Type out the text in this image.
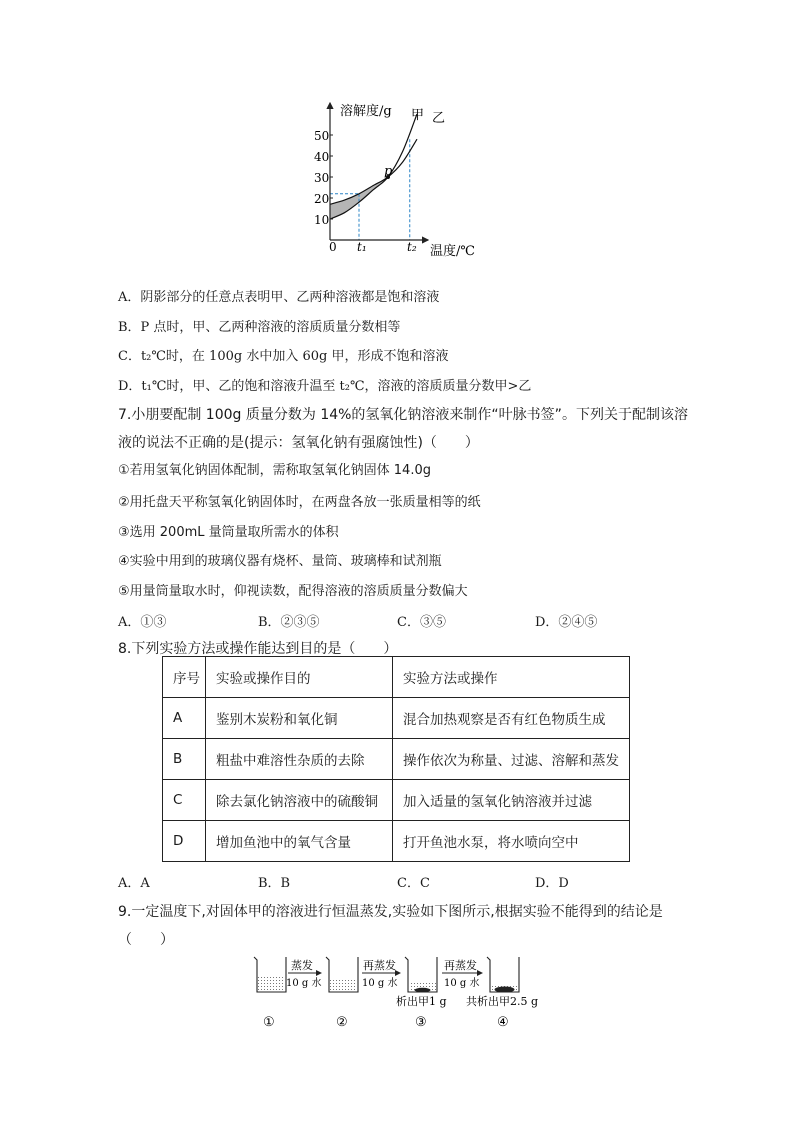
溶解度/g
温度/℃
0
10
20
30
40
50
t₁	t₂
p
甲 乙
A．阴影部分的任意点表明甲、乙两种溶液都是饱和溶液
B．P 点时，甲、乙两种溶液的溶质质量分数相等
C．t₂℃时，在 100g 水中加入 60g 甲，形成不饱和溶液
D．t₁℃时，甲、乙的饱和溶液升温至 t₂℃，溶液的溶质质量分数甲>乙
7.小朋要配制 100g 质量分数为 14%的氢氧化钠溶液来制作“叶脉书签”。下列关于配制该溶
液的说法不正确的是(提示：氢氧化钠有强腐蚀性)（　　）
①若用氢氧化钠固体配制，需称取氢氧化钠固体 14.0g
②用托盘天平称氢氧化钠固体时，在两盘各放一张质量相等的纸
③选用 200mL 量筒量取所需水的体积
④实验中用到的玻璃仪器有烧杯、量筒、玻璃棒和试剂瓶
⑤用量筒量取水时，仰视读数，配得溶液的溶质质量分数偏大
A．①③	B．②③⑤	C．③⑤	D．②④⑤
8.下列实验方法或操作能达到目的是（　　）
序号	实验或操作目的	实验方法或操作
A	鉴别木炭粉和氧化铜	混合加热观察是否有红色物质生成
B	粗盐中难溶性杂质的去除	操作依次为称量、过滤、溶解和蒸发
C	除去氯化钠溶液中的硫酸铜	加入适量的氢氧化钠溶液并过滤
D	增加鱼池中的氧气含量	打开鱼池水泵，将水喷向空中
A．A	B．B	C．C	D．D
9.一定温度下,对固体甲的溶液进行恒温蒸发,实验如下图所示,根据实验不能得到的结论是
（　　）
蒸发
10 g 水
再蒸发
10 g 水
再蒸发
10 g 水
析出甲1 g 共析出甲2.5 g
①	②	③	④
